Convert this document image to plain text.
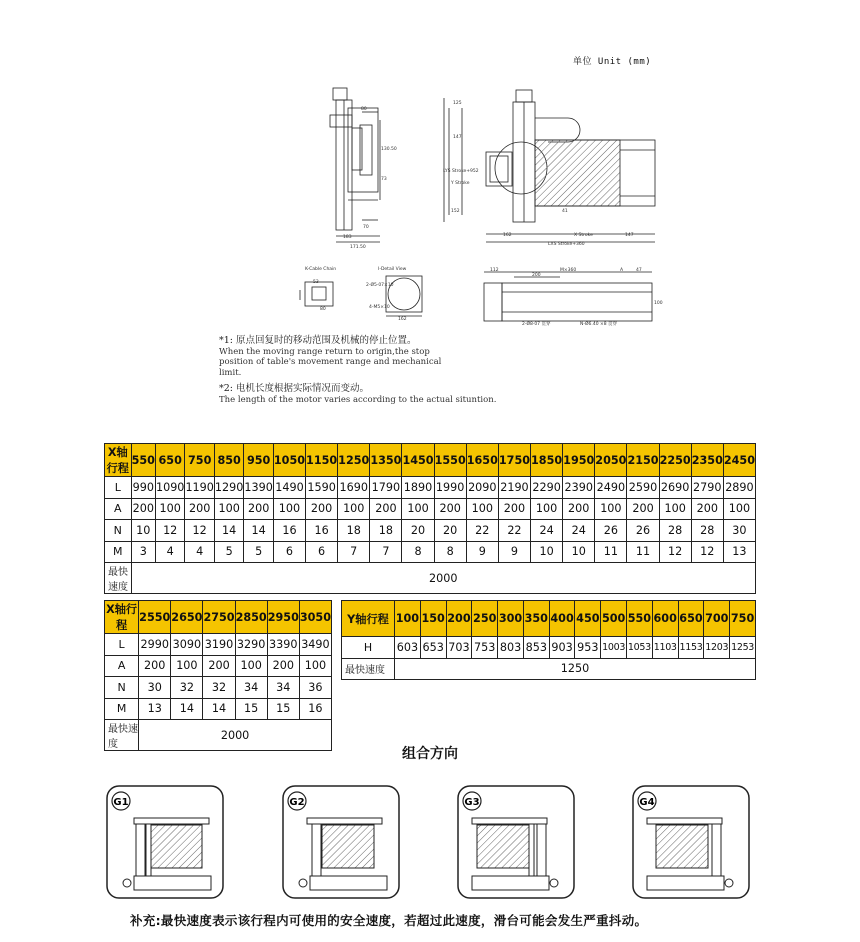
单位 Unit (mm)
80
130.50
183
171.50
70
73
125
147
LYS Stroke+952
Y Stroke
152
162	X Stroke	147
LXS Stroke+360
41
K-Cable Chain
53
80
I-Detail View
2-Ø5·07×10
4-M5×10
162
112
200
M×360	A	47
100
2-Ø8·07 贯穿	N-Ø6.40 ×8 贯穿

*1: 原点回复时的移动范围及机械的停止位置。

When the moving range return to origin,the stop

position of table's movement range and mechanical

limit.

*2: 电机长度根据实际情况而变动。

The length of the motor varies according to the actual situntion.

X轴行程	550	650	750	850	950	1050	1150	1250	1350	1450	1550	1650	1750	1850	1950	2050	2150	2250	2350	2450
L	990	1090	1190	1290	1390	1490	1590	1690	1790	1890	1990	2090	2190	2290	2390	2490	2590	2690	2790	2890
A	200	100	200	100	200	100	200	100	200	100	200	100	200	100	200	100	200	100	200	100
N	10	12	12	14	14	16	16	18	18	20	20	22	22	24	24	26	26	28	28	30
M	3	4	4	5	5	6	6	7	7	8	8	9	9	10	10	11	11	12	12	13
最快速度	2000																			
X轴行程	2550	2650	2750	2850	2950	3050
L	2990	3090	3190	3290	3390	3490
A	200	100	200	100	200	100
N	30	32	32	34	34	36
M	13	14	14	15	15	16
最快速度	2000					
Y轴行程	100	150	200	250	300	350	400	450	500	550	600	650	700	750
H	603	653	703	753	803	853	903	953	1003	1053	1103	1153	1203	1253
最快速度	1250													
组合方向
G1	G2	G3	G4
补充:最快速度表示该行程内可使用的安全速度，若超过此速度，滑台可能会发生严重抖动。
